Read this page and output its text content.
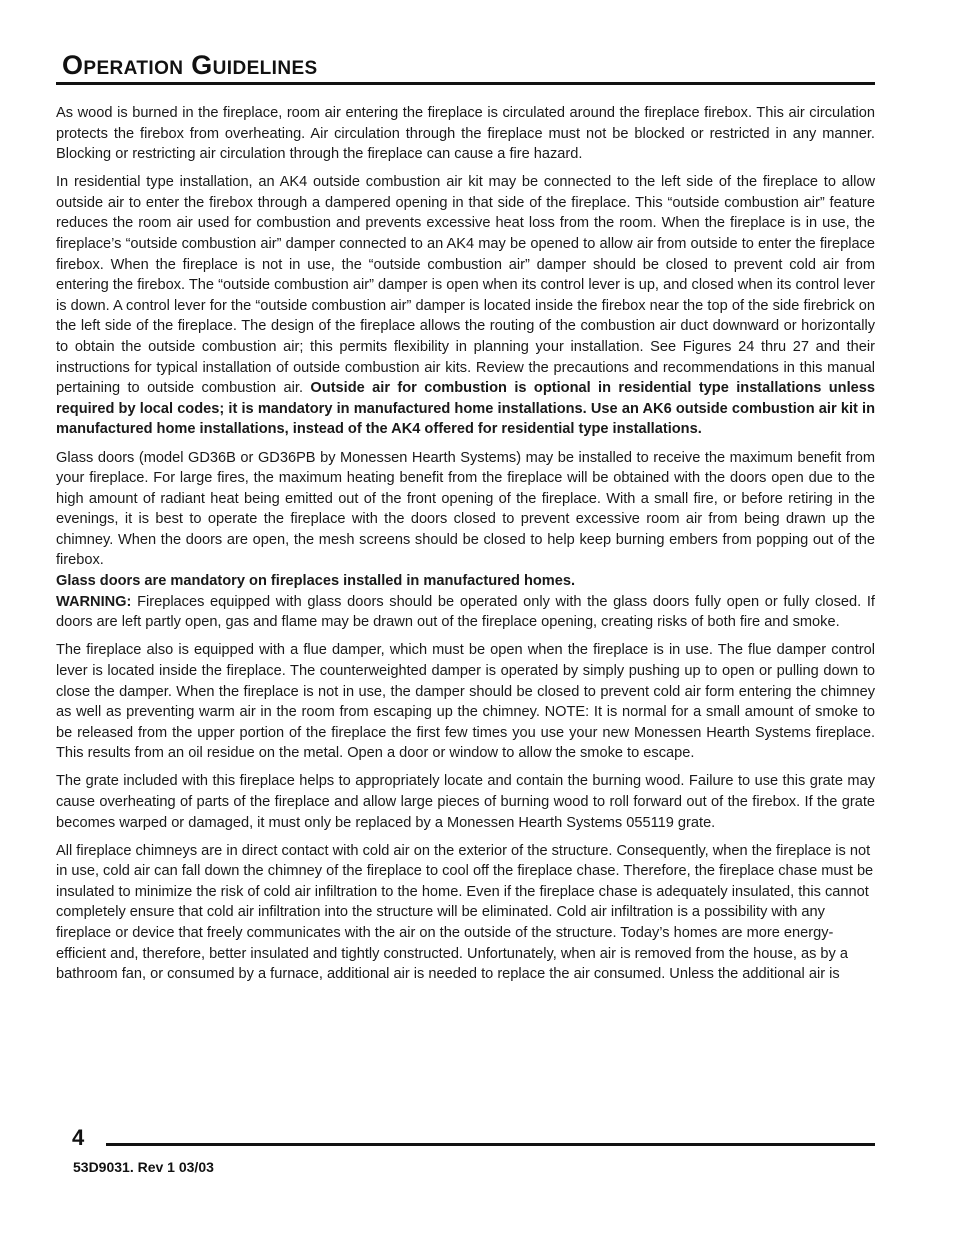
Operation Guidelines

As wood is burned in the fireplace, room air entering the fireplace is circulated around the fireplace firebox. This air circulation protects the firebox from overheating. Air circulation through the fireplace must not be blocked or restricted in any manner. Blocking or restricting air circulation through the fireplace can cause a fire hazard.

In residential type installation, an AK4 outside combustion air kit may be connected to the left side of the fireplace to allow outside air to enter the firebox through a dampered opening in that side of the fireplace. This “outside combustion air” feature reduces the room air used for combustion and prevents excessive heat loss from the room. When the fireplace is in use, the fireplace’s “outside combustion air” damper connected to an AK4 may be opened to allow air from outside to enter the fireplace firebox. When the fireplace is not in use, the “outside combustion air” damper should be closed to prevent cold air from entering the firebox. The “outside combustion air” damper is open when its control lever is up, and closed when its control lever is down. A control lever for the “outside combustion air” damper is located inside the firebox near the top of the side firebrick on the left side of the fireplace. The design of the fireplace allows the routing of the combustion air duct downward or horizontally to obtain the outside combustion air; this permits flexibility in planning your installation. See Figures 24 thru 27 and their instructions for typical installation of outside combustion air kits. Review the precautions and recommendations in this manual pertaining to outside combustion air. Outside air for combustion is optional in residential type installations unless required by local codes; it is mandatory in manufactured home installations. Use an AK6 outside combustion air kit in manufactured home installations, instead of the AK4 offered for residential type installations.

Glass doors (model GD36B or GD36PB by Monessen Hearth Systems) may be installed to receive the maximum benefit from your fireplace. For large fires, the maximum heating benefit from the fireplace will be obtained with the doors open due to the high amount of radiant heat being emitted out of the front opening of the fireplace. With a small fire, or before retiring in the evenings, it is best to operate the fireplace with the doors closed to prevent excessive room air from being drawn up the chimney. When the doors are open, the mesh screens should be closed to help keep burning embers from popping out of the firebox.

Glass doors are mandatory on fireplaces installed in manufactured homes.

WARNING: Fireplaces equipped with glass doors should be operated only with the glass doors fully open or fully closed. If doors are left partly open, gas and flame may be drawn out of the fireplace opening, creating risks of both fire and smoke.

The fireplace also is equipped with a flue damper, which must be open when the fireplace is in use. The flue damper control lever is located inside the fireplace. The counterweighted damper is operated by simply pushing up to open or pulling down to close the damper. When the fireplace is not in use, the damper should be closed to prevent cold air form entering the chimney as well as preventing warm air in the room from escaping up the chimney. NOTE: It is normal for a small amount of smoke to be released from the upper portion of the fireplace the first few times you use your new Monessen Hearth Systems fireplace. This results from an oil residue on the metal. Open a door or window to allow the smoke to escape.

The grate included with this fireplace helps to appropriately locate and contain the burning wood. Failure to use this grate may cause overheating of parts of the fireplace and allow large pieces of burning wood to roll forward out of the firebox. If the grate becomes warped or damaged, it must only be replaced by a Monessen Hearth Systems 055119 grate.

All fireplace chimneys are in direct contact with cold air on the exterior of the structure. Consequently, when the fireplace is not in use, cold air can fall down the chimney of the fireplace to cool off the fireplace chase. Therefore, the fireplace chase must be insulated to minimize the risk of cold air infiltration to the home. Even if the fireplace chase is adequately insulated, this cannot completely ensure that cold air infiltration into the structure will be eliminated. Cold air infiltration is a possibility with any fireplace or device that freely communicates with the air on the outside of the structure. Today’s homes are more energy-efficient and, therefore, better insulated and tightly constructed. Unfortunately, when air is removed from the house, as by a bathroom fan, or consumed by a furnace, additional air is needed to replace the air consumed. Unless the additional air is

4
53D9031. Rev 1 03/03
